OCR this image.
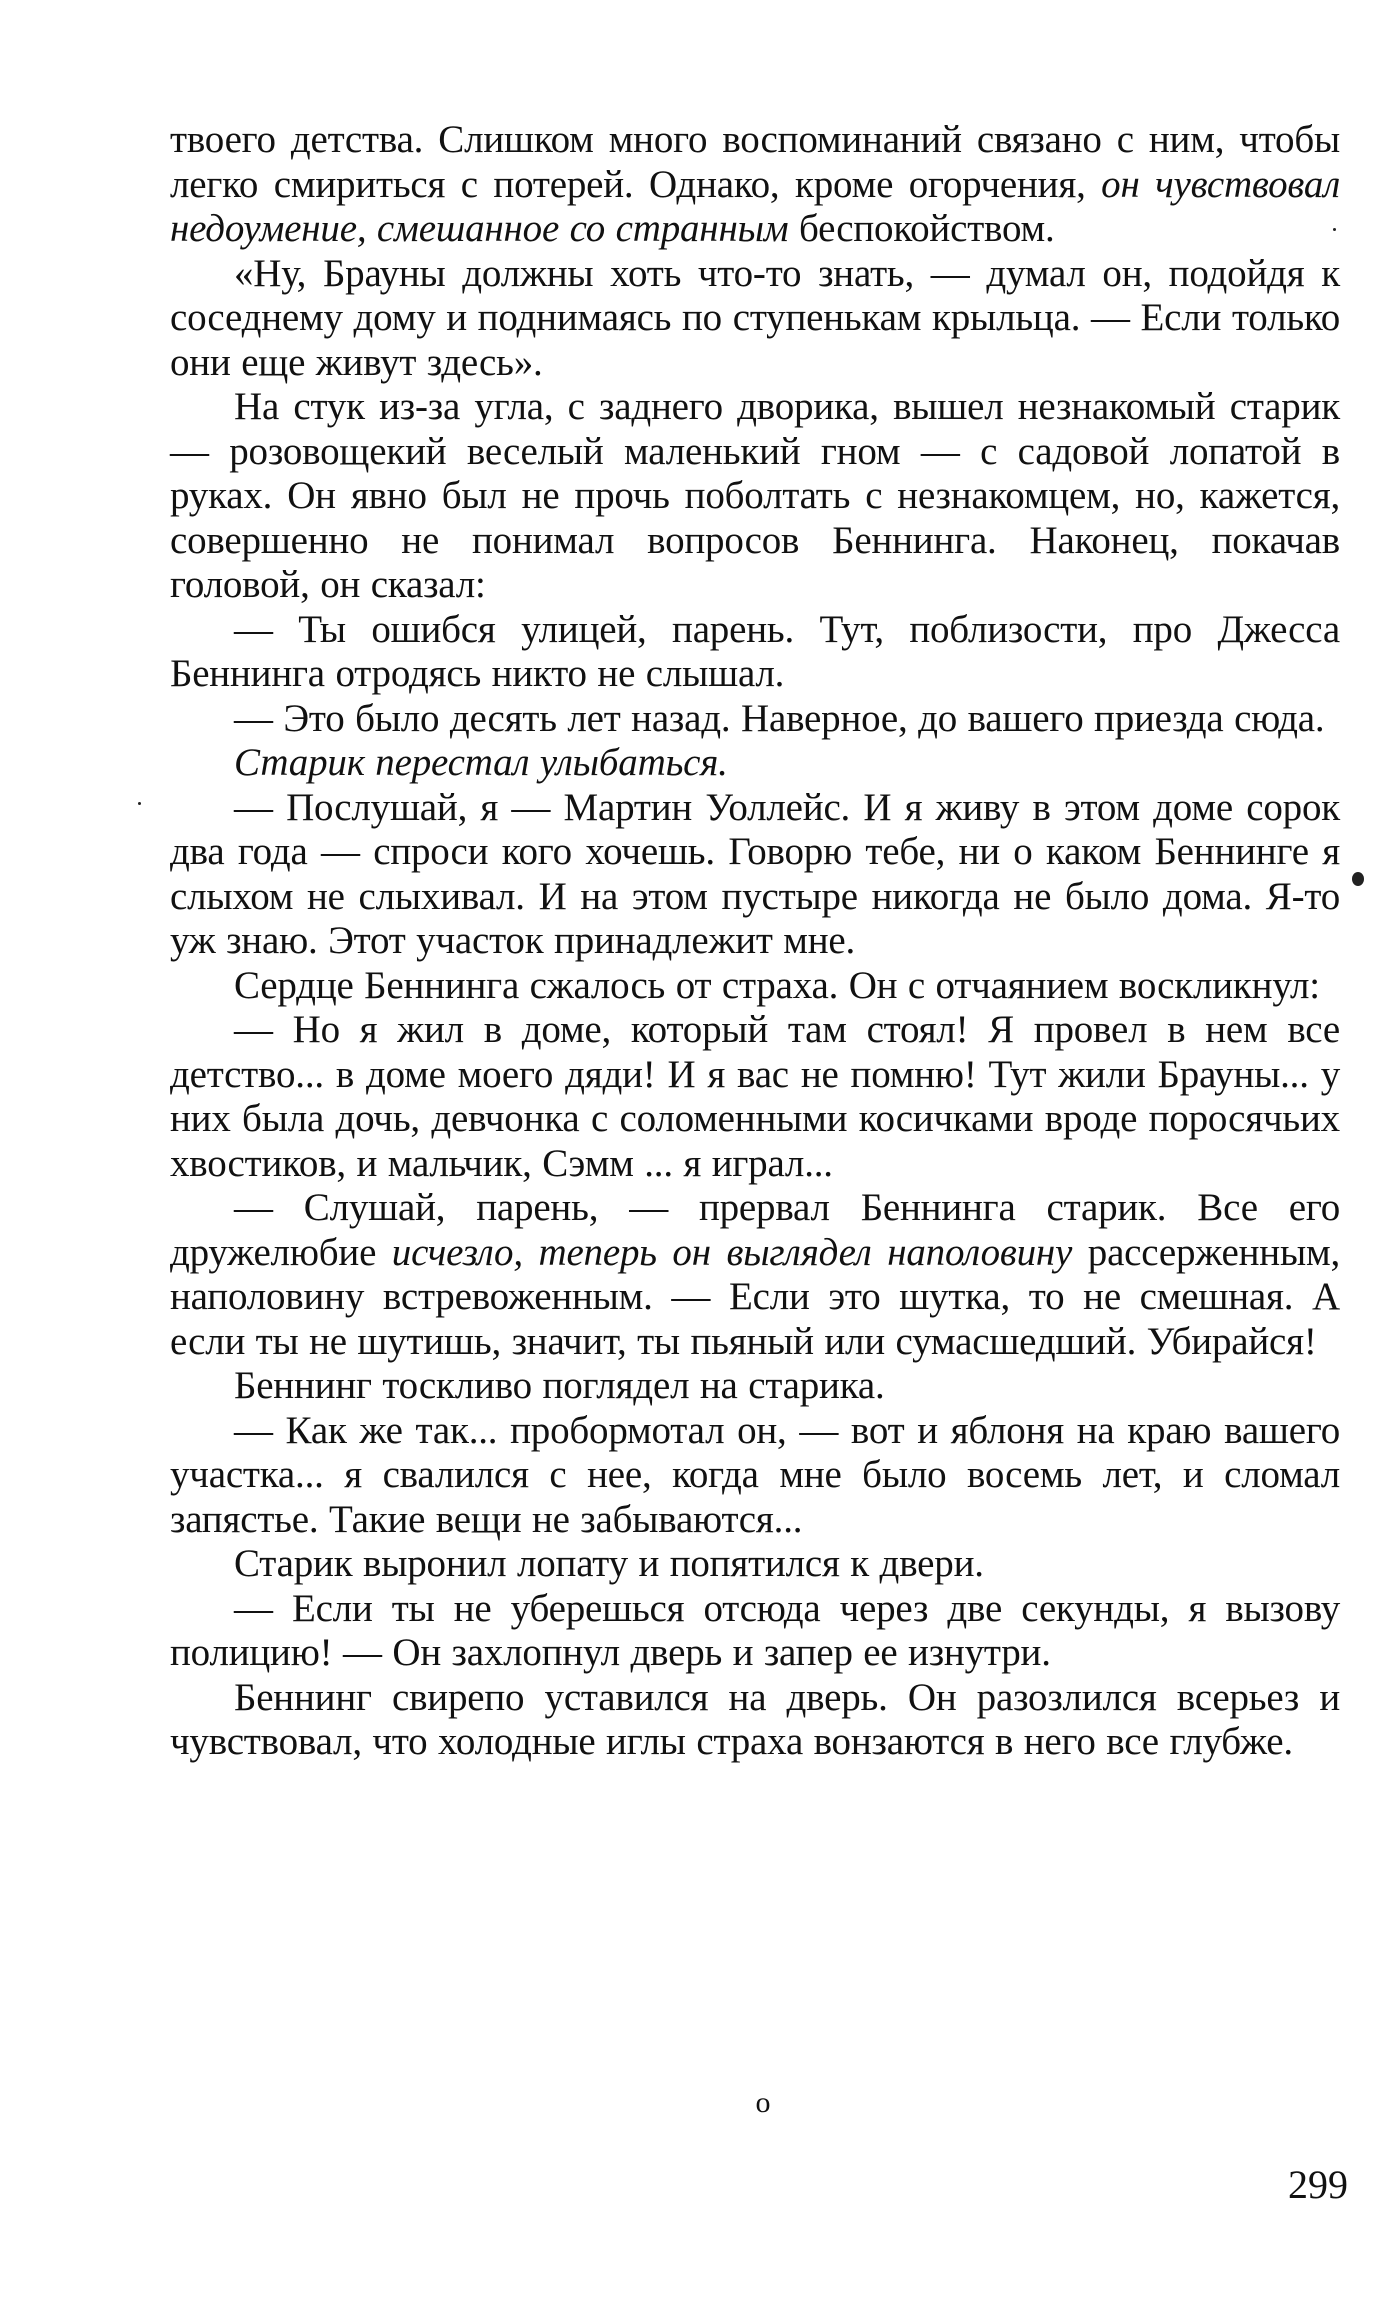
твоего детства. Слишком много воспоминаний связано с ним, чтобы легко смириться с потерей. Однако, кроме огорчения, он чувствовал недоумение, смешанное со странным беспокойством.

«Ну, Брауны должны хоть что-то знать, — думал он, подойдя к соседнему дому и поднимаясь по ступенькам крыльца. — Если только они еще живут здесь».

На стук из-за угла, с заднего дворика, вышел незнакомый старик — розовощекий веселый маленький гном — с садовой лопатой в руках. Он явно был не прочь поболтать с незнакомцем, но, кажется, совершенно не понимал вопросов Беннинга. Наконец, покачав головой, он сказал:

— Ты ошибся улицей, парень. Тут, поблизости, про Джесса Беннинга отродясь никто не слышал.

— Это было десять лет назад. Наверное, до вашего приезда сюда.

Старик перестал улыбаться.

— Послушай, я — Мартин Уоллейс. И я живу в этом доме сорок два года — спроси кого хочешь. Говорю тебе, ни о каком Беннинге я слыхом не слыхивал. И на этом пустыре никогда не было дома. Я-то уж знаю. Этот участок принадлежит мне.

Сердце Беннинга сжалось от страха. Он с отчаянием воскликнул:

— Но я жил в доме, который там стоял! Я провел в нем все детство... в доме моего дяди! И я вас не помню! Тут жили Брауны... у них была дочь, девчонка с соломенными косичками вроде поросячьих хвостиков, и мальчик, Сэмм ... я играл...

— Слушай, парень, — прервал Беннинга старик. Все его дружелюбие исчезло, теперь он выглядел наполовину рассерженным, наполовину встревоженным. — Если это шутка, то не смешная. А если ты не шутишь, значит, ты пьяный или сумасшедший. Убирайся!

Беннинг тоскливо поглядел на старика.

— Как же так... пробормотал он, — вот и яблоня на краю вашего участка... я свалился с нее, когда мне было восемь лет, и сломал запястье. Такие вещи не забываются...

Старик выронил лопату и попятился к двери.

— Если ты не уберешься отсюда через две секунды, я вызову полицию! — Он захлопнул дверь и запер ее изнутри.

Беннинг свирепо уставился на дверь. Он разозлился всерьез и чувствовал, что холодные иглы страха вонзаются в него все глубже.

о
299
